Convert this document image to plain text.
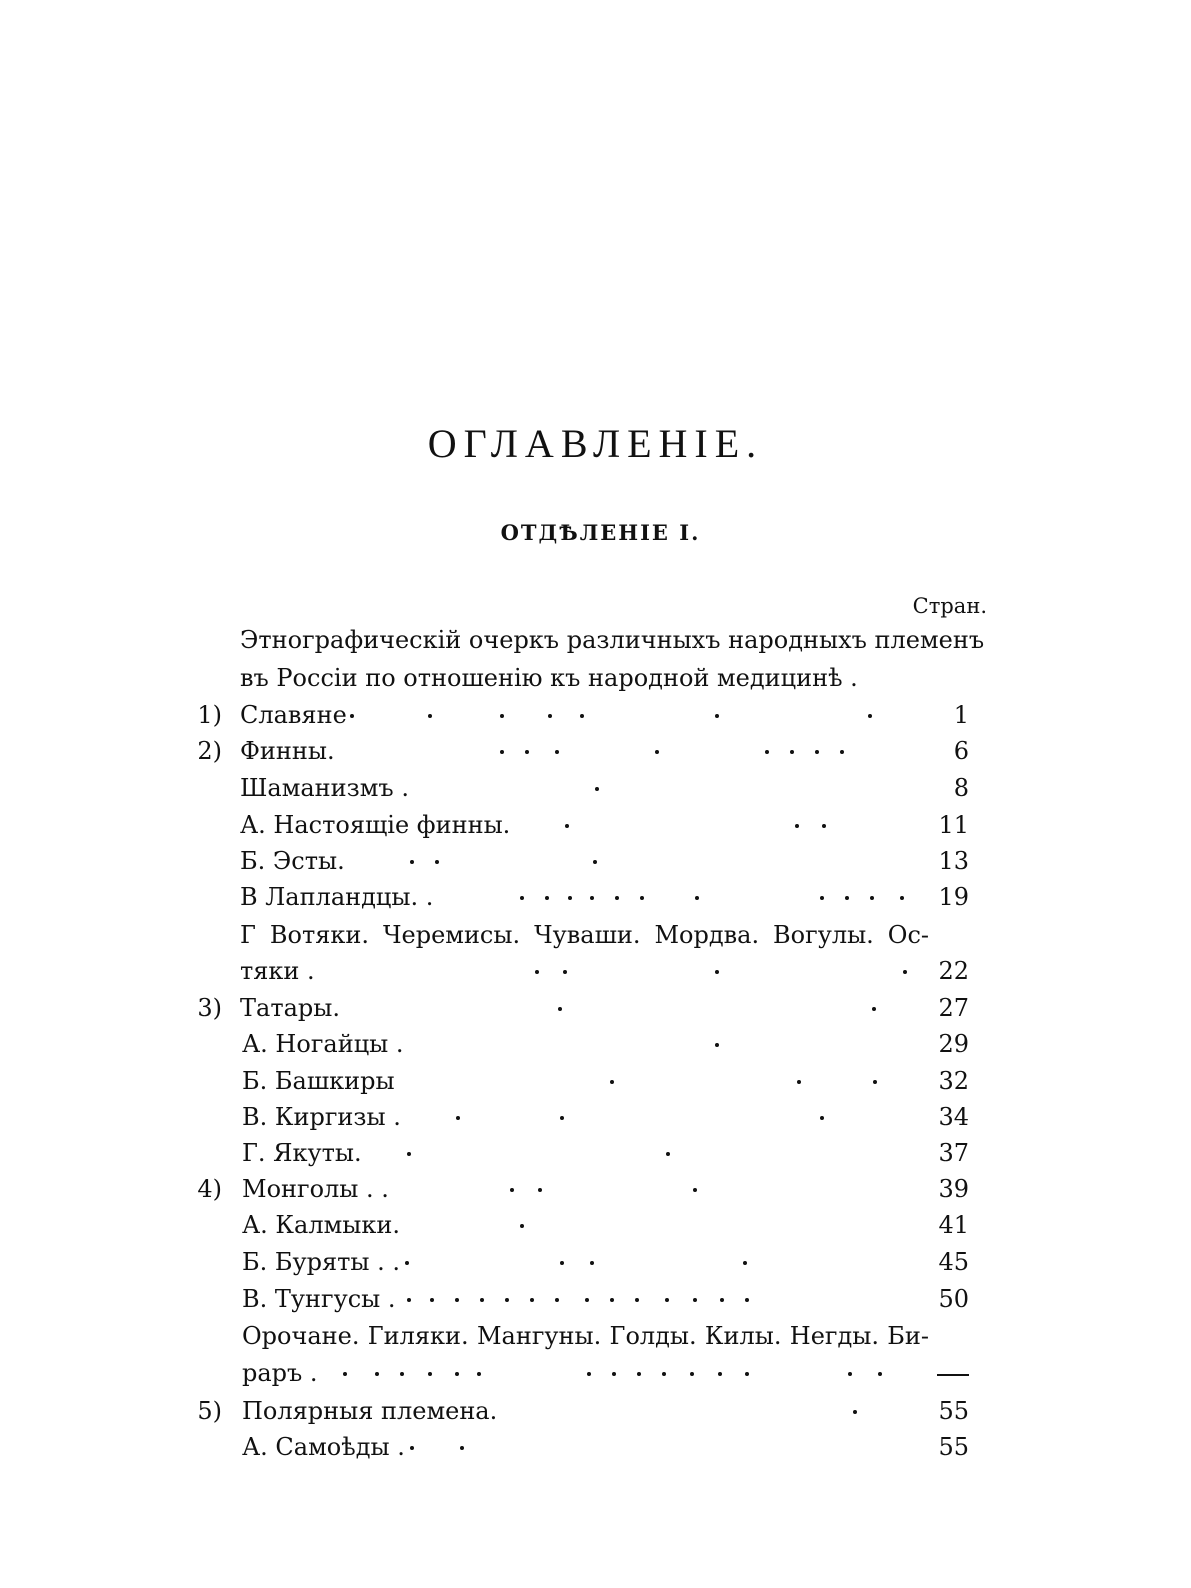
ОГЛАВЛЕНІЕ.
ОТДѢЛЕНІЕ I.
Стран.
Этнографическій очеркъ различныхъ народныхъ племенъ
въ Россіи по отношенію къ народной медицинѣ .
1) Славяне	1
2) Финны.	6
Шаманизмъ .	8
А. Настоящіе финны.	11
Б. Эсты.	13
В Лапландцы. .	19
Г Вотяки. Черемисы. Чуваши. Мордва. Вогулы. Ос-
тяки .	22
3) Татары.	27
А. Ногайцы .	29
Б. Башкиры	32
В. Киргизы .	34
Г. Якуты.	37
4) Монголы . .	39
А. Калмыки.	41
Б. Буряты . .	45
В. Тунгусы .	50
Орочане. Гиляки. Мангуны. Голды. Килы. Негды. Би-
раръ .
5) Полярныя племена.	55
А. Самоѣды .	55
